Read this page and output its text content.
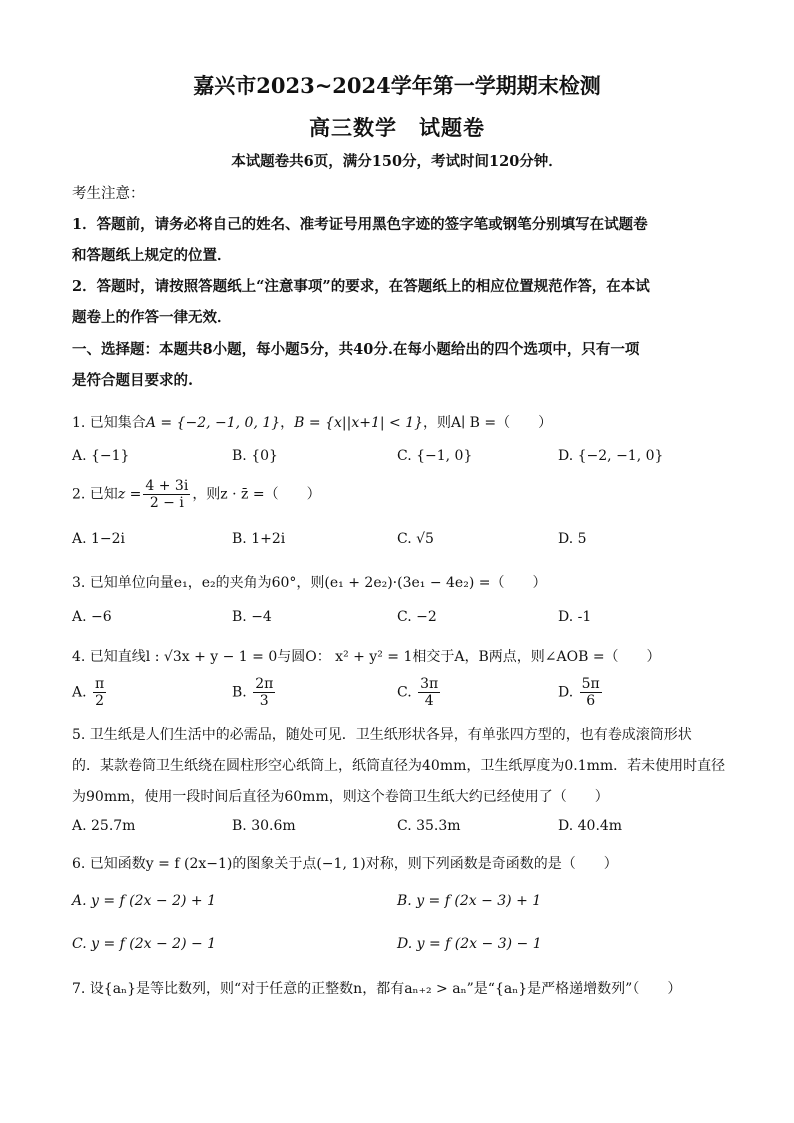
嘉兴市2023~2024学年第一学期期末检测
高三数学　试题卷
本试题卷共6页，满分150分，考试时间120分钟．
考生注意：
1．答题前，请务必将自己的姓名、准考证号用黑色字迹的签字笔或钢笔分别填写在试题卷
和答题纸上规定的位置．
2．答题时，请按照答题纸上“注意事项”的要求，在答题纸上的相应位置规范作答，在本试
题卷上的作答一律无效．
一、选择题：本题共8小题，每小题5分，共40分.在每小题给出的四个选项中，只有一项
是符合题目要求的.
1. 已知集合A = {−2, −1, 0, 1}，B = {x||x+1| < 1}，则A∣ B =（　　）
A. {−1}	B. {0}	C. {−1, 0}	D. {−2, −1, 0}
2. 已知$z = \frac{4 + 3i}{2 - i}$ ，则z · z̄ =（　　）
A. 1−2i	B. 1+2i	C. √5	D. 5
3. 已知单位向量e₁，e₂的夹角为60°，则(e₁ + 2e₂)·(3e₁ − 4e₂) =（　　）
A. −6	B. −4	C. −2	D. -1
4. 已知直线l : √3x + y − 1 = 0与圆O： x² + y² = 1相交于A，B两点，则∠AOB =（　　）
A. $\frac{\pi}{2}$	B. $\frac{2\pi}{3}$	C. $\frac{3\pi}{4}$	D. $\frac{5\pi}{6}$
5. 卫生纸是人们生活中的必需品，随处可见．卫生纸形状各异，有单张四方型的，也有卷成滚筒形状
的．某款卷筒卫生纸绕在圆柱形空心纸筒上，纸筒直径为40mm，卫生纸厚度为0.1mm．若未使用时直径
为90mm，使用一段时间后直径为60mm，则这个卷筒卫生纸大约已经使用了（　　）
A. 25.7m	B. 30.6m	C. 35.3m	D. 40.4m
6. 已知函数y = f (2x−1)的图象关于点(−1, 1)对称，则下列函数是奇函数的是（　　）
A. y = f (2x − 2) + 1	B. y = f (2x − 3) + 1
C. y = f (2x − 2) − 1	D. y = f (2x − 3) − 1
7. 设{aₙ}是等比数列，则“对于任意的正整数n，都有aₙ₊₂ > aₙ”是“{aₙ}是严格递增数列”（　　）
